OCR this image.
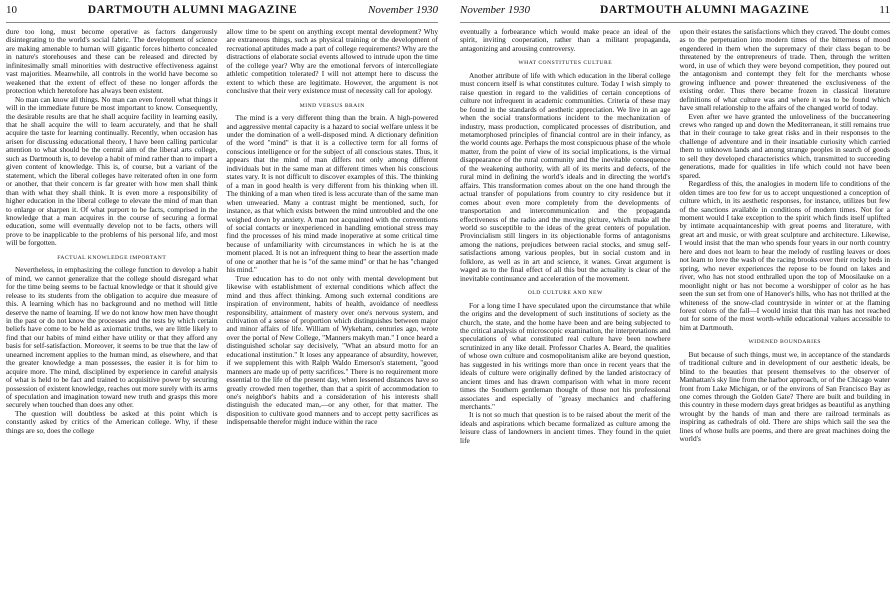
10	DARTMOUTH ALUMNI MAGAZINE	November 1930

dure too long, must become operative as factors dangerously disintegrating to the world's social fabric. The development of science are making amenable to human will gigantic forces hitherto concealed in nature's storehouses and these can be released and directed by infinitesimally small minorities with destructive effectiveness against vast majorities. Meanwhile, all controls in the world have become so weakened that the extent of effect of these no longer affords the protection which heretofore has always been existent.

No man can know all things. No man can even foretell what things it will in the immediate future be most important to know. Consequently, the desirable results are that he shall acquire facility in learning easily, that he shall acquire the will to learn accurately, and that he shall acquire the taste for learning continually. Recently, when occasion has arisen for discussing educational theory, I have been calling particular attention to what should be the central aim of the liberal arts college, such as Dartmouth is, to develop a habit of mind rather than to impart a given content of knowledge. This is, of course, but a variant of the statement, which the liberal colleges have reiterated often in one form or another, that their concern is far greater with how men shall think than with what they shall think. It is even more a responsibility of higher education in the liberal college to elevate the mind of man than to enlarge or sharpen it. Of what purport to be facts, comprised in the knowledge that a man acquires in the course of securing a formal education, some will eventually develop not to be facts, others will prove to be inapplicable to the problems of his personal life, and most will be forgotten.

FACTUAL KNOWLEDGE IMPORTANT

Nevertheless, in emphasizing the college function to develop a habit of mind, we cannot generalize that the college should disregard what for the time being seems to be factual knowledge or that it should give release to its students from the obligation to acquire due measure of this. A learning which has no background and no method will little deserve the name of learning. If we do not know how men have thought in the past or do not know the processes and the tests by which certain beliefs have come to be held as axiomatic truths, we are little likely to find that our habits of mind either have utility or that they afford any basis for self-satisfaction. Moreover, it seems to be true that the law of unearned increment applies to the human mind, as elsewhere, and that the greater knowledge a man possesses, the easier it is for him to acquire more. The mind, disciplined by experience in careful analysis of what is held to be fact and trained to acquisitive power by securing possession of existent knowledge, reaches out more surely with its arms of speculation and imagination toward new truth and grasps this more securely when touched than does any other.

The question will doubtless be asked at this point which is constantly asked by critics of the American college. Why, if these things are so, does the college

allow time to be spent on anything except mental development? Why are extraneous things, such as physical training or the development of recreational aptitudes made a part of college requirements? Why are the distractions of elaborate social events allowed to intrude upon the time of the college year? Why are the emotional fervors of intercollegiate athletic competition tolerated? I will not attempt here to discuss the extent to which these are legitimate. However, the argument is not conclusive that their very existence must of necessity call for apology.

MIND VERSUS BRAIN

The mind is a very different thing than the brain. A high-powered and aggressive mental capacity is a hazard to social welfare unless it be under the domination of a well-disposed mind. A dictionary definition of the word "mind" is that it is a collective term for all forms of conscious intelligence or for the subject of all conscious states. Thus, it appears that the mind of man differs not only among different individuals but in the same man at different times when his conscious states vary. It is not difficult to discover examples of this. The thinking of a man in good health is very different from his thinking when ill. The thinking of a man when tired is less accurate than of the same man when unwearied. Many a contrast might be mentioned, such, for instance, as that which exists between the mind untroubled and the one weighed down by anxiety. A man not acquainted with the conventions of social contacts or inexperienced in handling emotional stress may find the processes of his mind made inoperative at some critical time because of unfamiliarity with circumstances in which he is at the moment placed. It is not an infrequent thing to hear the assertion made of one or another that he is "of the same mind" or that he has "changed his mind."

True education has to do not only with mental development but likewise with establishment of external conditions which affect the mind and thus affect thinking. Among such external conditions are inspiration of environment, habits of health, avoidance of needless responsibility, attainment of mastery over one's nervous system, and cultivation of a sense of proportion which distinguishes between major and minor affairs of life. William of Wykeham, centuries ago, wrote over the portal of New College, "Manners makyth man." I once heard a distinguished scholar say decisively, "What an absurd motto for an educational institution." It loses any appearance of absurdity, however, if we supplement this with Ralph Waldo Emerson's statement, "good manners are made up of petty sacrifices." There is no requirement more essential to the life of the present day, when lessened distances have so greatly crowded men together, than that a spirit of accommodation to one's neighbor's habits and a consideration of his interests shall distinguish the educated man,—or any other, for that matter. The disposition to cultivate good manners and to accept petty sacrifices as indispensable therefor might induce within the race

November 1930	DARTMOUTH ALUMNI MAGAZINE	11

eventually a forbearance which would make peace an ideal of the spirit, inviting cooperation, rather than a militant propaganda, antagonizing and arousing controversy.

WHAT CONSTITUTES CULTURE

Another attribute of life with which education in the liberal college must concern itself is what constitutes culture. Today I wish simply to raise question in regard to the validities of certain conceptions of culture not infrequent in academic communities. Criteria of these may be found in the standards of aesthetic appreciation. We live in an age when the social transformations incident to the mechanization of industry, mass production, complicated processes of distribution, and metamorphosed principles of financial control are in their infancy, as the world counts age. Perhaps the most conspicuous phase of the whole matter, from the point of view of its social implications, is the virtual disappearance of the rural community and the inevitable consequence of the weakening authority, with all of its merits and defects, of the rural mind in defining the world's ideals and in directing the world's affairs. This transformation comes about on the one hand through the actual transfer of populations from country to city residence but it comes about even more completely from the developments of transportation and intercommunication and the propaganda effectiveness of the radio and the moving picture, which make all the world so susceptible to the ideas of the great centers of population. Provincialism still lingers in its objectionable forms of antagonisms among the nations, prejudices between racial stocks, and smug self-satisfactions among various peoples, but in social custom and in folklore, as well as in art and science, it wanes. Great argument is waged as to the final effect of all this but the actuality is clear of the inevitable continuance and acceleration of the movement.

OLD CULTURE AND NEW

For a long time I have speculated upon the circumstance that while the origins and the development of such institutions of society as the church, the state, and the home have been and are being subjected to the critical analysis of microscopic examination, the interpretations and speculations of what constituted real culture have been nowhere scrutinized in any like detail. Professor Charles A. Beard, the qualities of whose own culture and cosmopolitanism alike are beyond question, has suggested in his writings more than once in recent years that the ideals of culture were originally defined by the landed aristocracy of ancient times and has drawn comparison with what in more recent times the Southern gentleman thought of those not his professional associates and especially of "greasy mechanics and chaffering merchants."

It is not so much that question is to be raised about the merit of the ideals and aspirations which became formalized as culture among the leisure class of landowners in ancient times. They found in the quiet life

upon their estates the satisfactions which they craved. The doubt comes as to the perpetuation into modern times of the bitterness of mood engendered in them when the supremacy of their class began to be threatened by the entrepreneurs of trade. Then, through the written word, in use of which they were beyond competition, they poured out the antagonism and contempt they felt for the merchants whose growing influence and power threatened the exclusiveness of the existing order. Thus there became frozen in classical literature definitions of what culture was and where it was to be found which have small relationship to the affairs of the changed world of today.

Even after we have granted the unloveliness of the buccaneering crews who ranged up and down the Mediterranean, it still remains true that in their courage to take great risks and in their responses to the challenge of adventure and in their insatiable curiosity which carried them to unknown lands and among strange peoples in search of goods to sell they developed characteristics which, transmitted to succeeding generations, made for qualities in life which could not have been spared.

Regardless of this, the analogies in modern life to conditions of the olden times are too few for us to accept unquestioned a conception of culture which, in its aesthetic responses, for instance, utilizes but few of the sanctions available in conditions of modern times. Not for a moment would I take exception to the spirit which finds itself uplifted by intimate acquaintanceship with great poems and literature, with great art and music, or with great sculpture and architecture. Likewise, I would insist that the man who spends four years in our north country here and does not learn to hear the melody of rustling leaves or does not learn to love the wash of the racing brooks over their rocky beds in spring, who never experiences the repose to be found on lakes and river, who has not stood enthralled upon the top of Moosilauke on a moonlight night or has not become a worshipper of color as he has seen the sun set from one of Hanover's hills, who has not thrilled at the whiteness of the snow-clad countryside in winter or at the flaming forest colors of the fall—I would insist that this man has not reached out for some of the most worth-while educational values accessible to him at Dartmouth.

WIDENED BOUNDARIES

But because of such things, must we, in acceptance of the standards of traditional culture and in development of our aesthetic ideals, be blind to the beauties that present themselves to the observer of Manhattan's sky line from the harbor approach, or of the Chicago water front from Lake Michigan, or of the environs of San Francisco Bay as one comes through the Golden Gate? There are built and building in this country in these modern days great bridges as beautiful as anything wrought by the hands of man and there are railroad terminals as inspiring as cathedrals of old. There are ships which sail the sea the lines of whose hulls are poems, and there are great machines doing the world's
